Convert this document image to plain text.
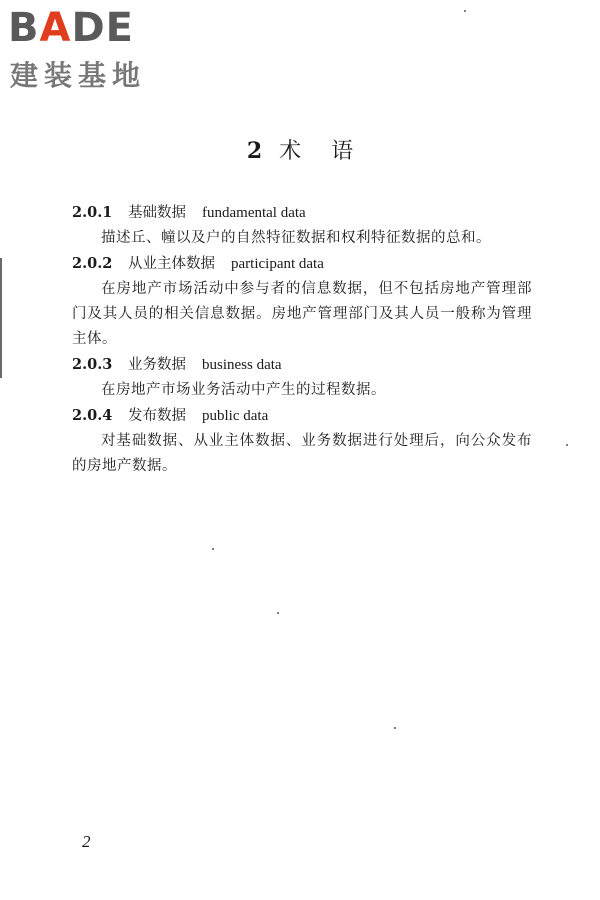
BADE
建装基地
2 术语
2.0.1 基础数据 fundamental data
描述丘、幢以及户的自然特征数据和权利特征数据的总和。
2.0.2 从业主体数据 participant data
在房地产市场活动中参与者的信息数据，但不包括房地产管理部门及其人员的相关信息数据。房地产管理部门及其人员一般称为管理主体。
2.0.3 业务数据 business data
在房地产市场业务活动中产生的过程数据。
2.0.4 发布数据 public data
对基础数据、从业主体数据、业务数据进行处理后，向公众发布的房地产数据。
2
